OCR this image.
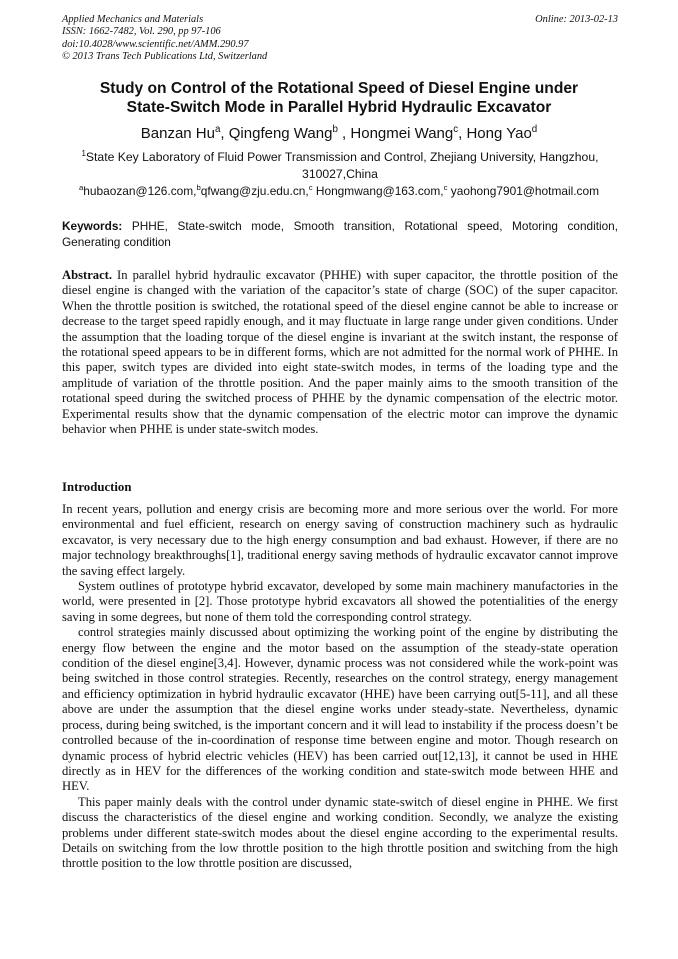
Applied Mechanics and Materials
ISSN: 1662-7482, Vol. 290, pp 97-106
doi:10.4028/www.scientific.net/AMM.290.97
© 2013 Trans Tech Publications Ltd, Switzerland
Online: 2013-02-13
Study on Control of the Rotational Speed of Diesel Engine under
State-Switch Mode in Parallel Hybrid Hydraulic Excavator
Banzan Hu$^a$, Qingfeng Wang$^b$ , Hongmei Wang$^c$, Hong Yao$^d$
$^1$State Key Laboratory of Fluid Power Transmission and Control, Zhejiang University, Hangzhou, 310027,China
$^a$hubaozan@126.com,$^b$qfwang@zju.edu.cn,$^c$ Hongmwang@163.com,$^c$ yaohong7901@hotmail.com
Keywords: PHHE, State-switch mode, Smooth transition, Rotational speed, Motoring condition, Generating condition
Abstract. In parallel hybrid hydraulic excavator (PHHE) with super capacitor, the throttle position of the diesel engine is changed with the variation of the capacitor’s state of charge (SOC) of the super capacitor. When the throttle position is switched, the rotational speed of the diesel engine cannot be able to increase or decrease to the target speed rapidly enough, and it may fluctuate in large range under given conditions. Under the assumption that the loading torque of the diesel engine is invariant at the switch instant, the response of the rotational speed appears to be in different forms, which are not admitted for the normal work of PHHE. In this paper, switch types are divided into eight state-switch modes, in terms of the loading type and the amplitude of variation of the throttle position. And the paper mainly aims to the smooth transition of the rotational speed during the switched process of PHHE by the dynamic compensation of the electric motor. Experimental results show that the dynamic compensation of the electric motor can improve the dynamic behavior when PHHE is under state-switch modes.
Introduction

In recent years, pollution and energy crisis are becoming more and more serious over the world. For more environmental and fuel efficient, research on energy saving of construction machinery such as hydraulic excavator, is very necessary due to the high energy consumption and bad exhaust. However, if there are no major technology breakthroughs[1], traditional energy saving methods of hydraulic excavator cannot improve the saving effect largely.

System outlines of prototype hybrid excavator, developed by some main machinery manufactories in the world, were presented in [2]. Those prototype hybrid excavators all showed the potentialities of the energy saving in some degrees, but none of them told the corresponding control strategy.

control strategies mainly discussed about optimizing the working point of the engine by distributing the energy flow between the engine and the motor based on the assumption of the steady-state operation condition of the diesel engine[3,4]. However, dynamic process was not considered while the work-point was being switched in those control strategies. Recently, researches on the control strategy, energy management and efficiency optimization in hybrid hydraulic excavator (HHE) have been carrying out[5-11], and all these above are under the assumption that the diesel engine works under steady-state. Nevertheless, dynamic process, during being switched, is the important concern and it will lead to instability if the process doesn’t be controlled because of the in-coordination of response time between engine and motor. Though research on dynamic process of hybrid electric vehicles (HEV) has been carried out[12,13], it cannot be used in HHE directly as in HEV for the differences of the working condition and state-switch mode between HHE and HEV.

This paper mainly deals with the control under dynamic state-switch of diesel engine in PHHE. We first discuss the characteristics of the diesel engine and working condition. Secondly, we analyze the existing problems under different state-switch modes about the diesel engine according to the experimental results. Details on switching from the low throttle position to the high throttle position and switching from the high throttle position to the low throttle position are discussed,
